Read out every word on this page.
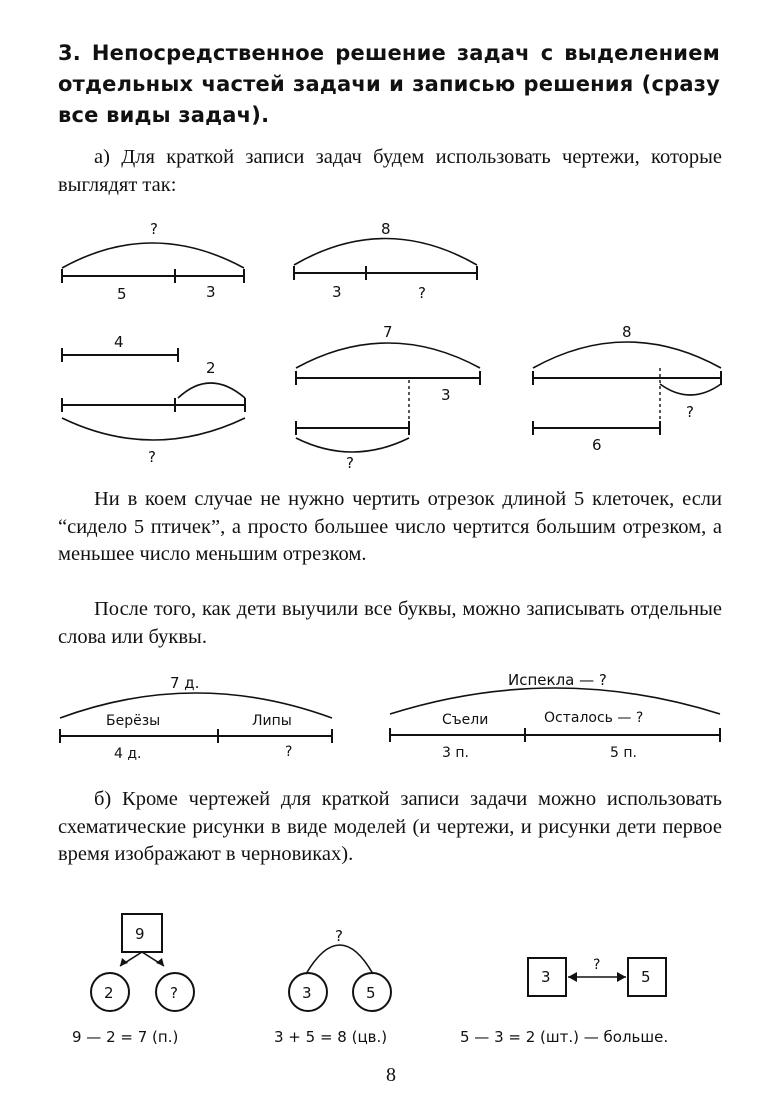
3. Непосредственное решение задач с выделением отдельных частей задачи и записью решения (сразу все виды задач).
а) Для краткой записи задач будем использовать чертежи, которые выглядят так:
?
5	3
8
3	?
4
2
?
7
3
?
8
?
6
7 д.
Берёзы	Липы
4 д.	?
Испекла — ?
Съели	Осталось — ?
3 п.	5 п.
9
2	?
9 — 2 = 7 (п.)
?
3	5
3 + 5 = 8 (цв.)
3
?
5
5 — 3 = 2 (шт.) — больше.
Ни в коем случае не нужно чертить отрезок длиной 5 клеточек, если “сидело 5 птичек”, а просто большее число чертится большим отрезком, а меньшее число меньшим отрезком.
После того, как дети выучили все буквы, можно записывать отдельные слова или буквы.
б) Кроме чертежей для краткой записи задачи можно использовать схематические рисунки в виде моделей (и чертежи, и рисунки дети первое время изображают в черновиках).
8
